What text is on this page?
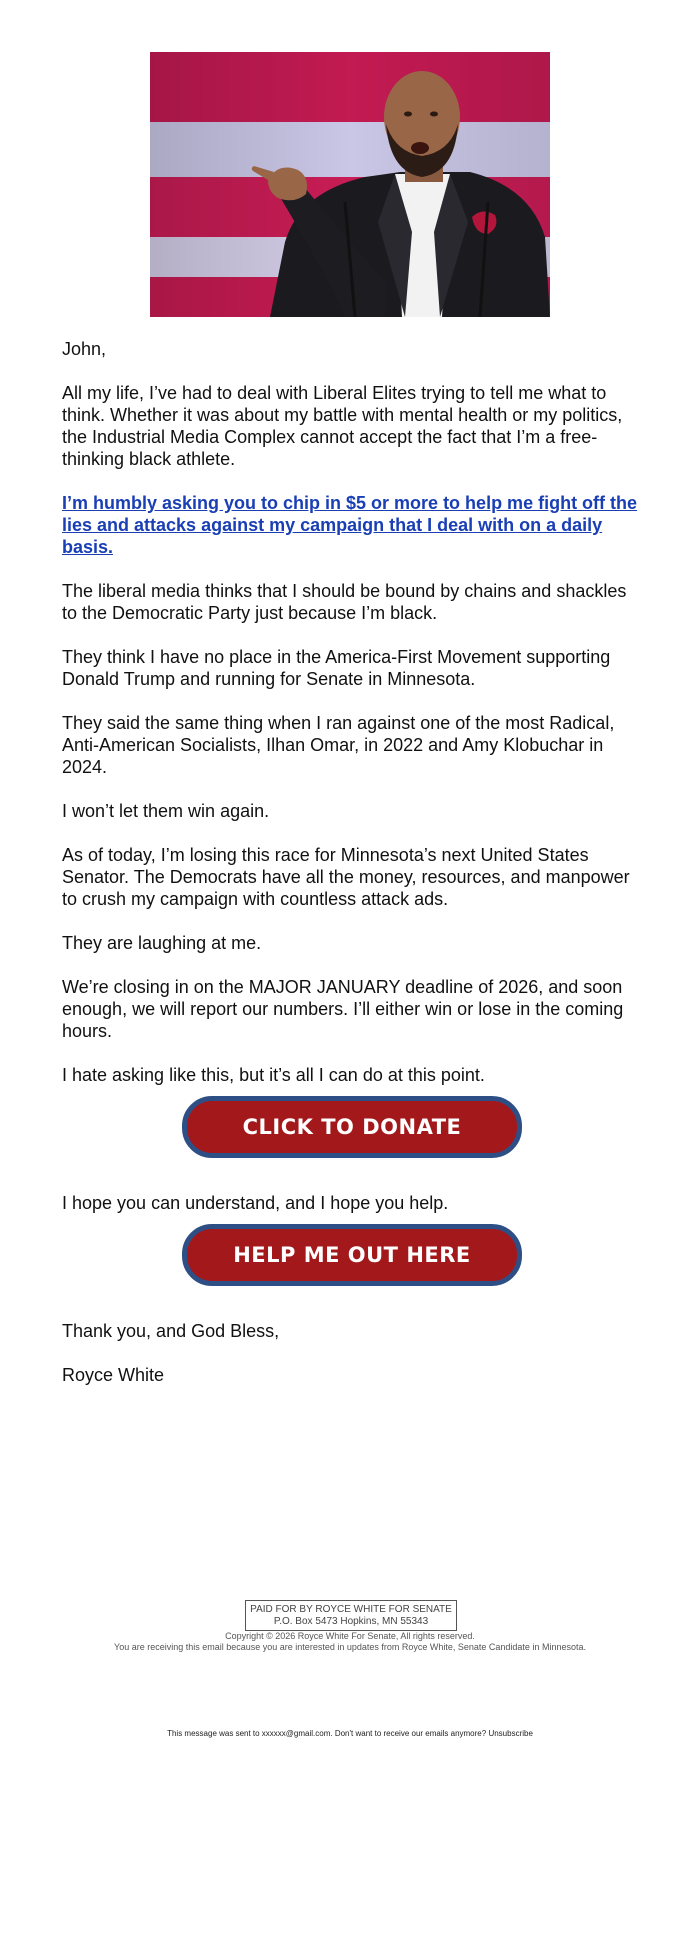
John,

All my life, I’ve had to deal with Liberal Elites trying to tell me what to think. Whether it was about my battle with mental health or my politics, the Industrial Media Complex cannot accept the fact that I’m a free-thinking black athlete.

I’m humbly asking you to chip in $5 or more to help me fight off the lies and attacks against my campaign that I deal with on a daily basis.

The liberal media thinks that I should be bound by chains and shackles to the Democratic Party just because I’m black.

They think I have no place in the America-First Movement supporting Donald Trump and running for Senate in Minnesota.

They said the same thing when I ran against one of the most Radical, Anti-American Socialists, Ilhan Omar, in 2022 and Amy Klobuchar in 2024.

I won’t let them win again.

As of today, I’m losing this race for Minnesota’s next United States Senator. The Democrats have all the money, resources, and manpower to crush my campaign with countless attack ads.

They are laughing at me.

We’re closing in on the MAJOR JANUARY deadline of 2026, and soon enough, we will report our numbers. I’ll either win or lose in the coming hours.

I hate asking like this, but it’s all I can do at this point.

CLICK TO DONATE

I hope you can understand, and I hope you help.

HELP ME OUT HERE

Thank you, and God Bless,

Royce White

PAID FOR BY ROYCE WHITE FOR SENATE
P.O. Box 5473 Hopkins, MN 55343
Copyright © 2026 Royce White For Senate, All rights reserved.
You are receiving this email because you are interested in updates from Royce White, Senate Candidate in Minnesota.
This message was sent to xxxxxx@gmail.com. Don't want to receive our emails anymore? Unsubscribe
